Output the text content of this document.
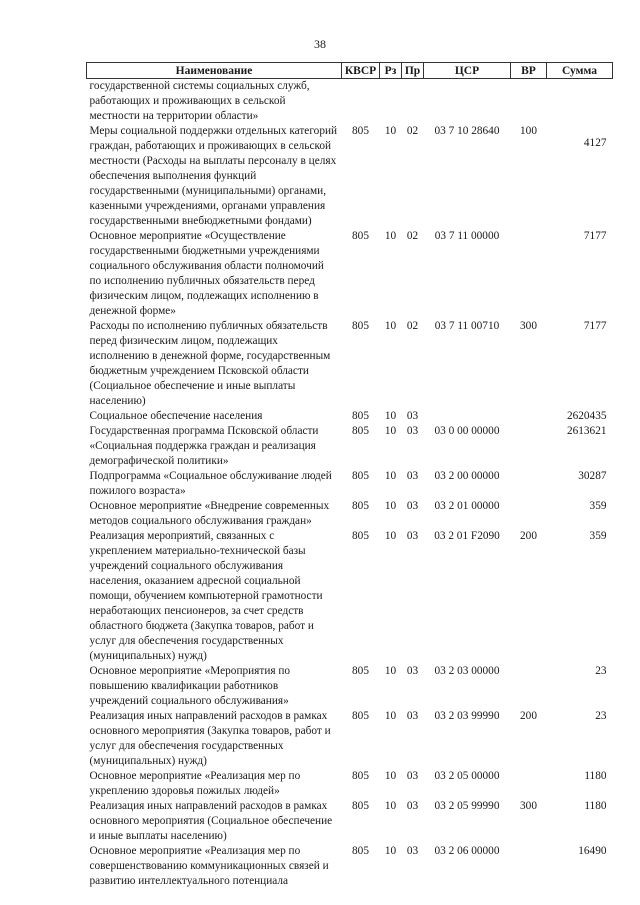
38
Наименование	КВСР	Рз	Пр	ЦСР	ВР	Сумма
государственной системы социальных служб, работающих и проживающих в сельской местности на территории области»						
Меры социальной поддержки отдельных категорий граждан, работающих и проживающих в сельской местности (Расходы на выплаты персоналу в целях обеспечения выполнения функций государственными (муниципальными) органами, казенными учреждениями, органами управления государственными внебюджетными фондами)	805	10	02	03 7 10 28640	100	4127
Основное мероприятие «Осуществление государственными бюджетными учреждениями социального обслуживания области полномочий по исполнению публичных обязательств перед физическим лицом, подлежащих исполнению в денежной форме»	805	10	02	03 7 11 00000		7177
Расходы по исполнению публичных обязательств перед физическим лицом, подлежащих исполнению в денежной форме, государственным бюджетным учреждением Псковской области (Социальное обеспечение и иные выплаты населению)	805	10	02	03 7 11 00710	300	7177
Социальное обеспечение населения	805	10	03			2620435
Государственная программа Псковской области «Социальная поддержка граждан и реализация демографической политики»	805	10	03	03 0 00 00000		2613621
Подпрограмма «Социальное обслуживание людей пожилого возраста»	805	10	03	03 2 00 00000		30287
Основное мероприятие «Внедрение современных методов социального обслуживания граждан»	805	10	03	03 2 01 00000		359
Реализация мероприятий, связанных с укреплением материально-технической базы учреждений социального обслуживания населения, оказанием адресной социальной помощи, обучением компьютерной грамотности неработающих пенсионеров, за счет средств областного бюджета (Закупка товаров, работ и услуг для обеспечения государственных (муниципальных) нужд)	805	10	03	03 2 01 F2090	200	359
Основное мероприятие «Мероприятия по повышению квалификации работников учреждений социального обслуживания»	805	10	03	03 2 03 00000		23
Реализация иных направлений расходов в рамках основного мероприятия (Закупка товаров, работ и услуг для обеспечения государственных (муниципальных) нужд)	805	10	03	03 2 03 99990	200	23
Основное мероприятие «Реализация мер по укреплению здоровья пожилых людей»	805	10	03	03 2 05 00000		1180
Реализация иных направлений расходов в рамках основного мероприятия (Социальное обеспечение и иные выплаты населению)	805	10	03	03 2 05 99990	300	1180
Основное мероприятие «Реализация мер по совершенствованию коммуникационных связей и развитию интеллектуального потенциала	805	10	03	03 2 06 00000		16490
